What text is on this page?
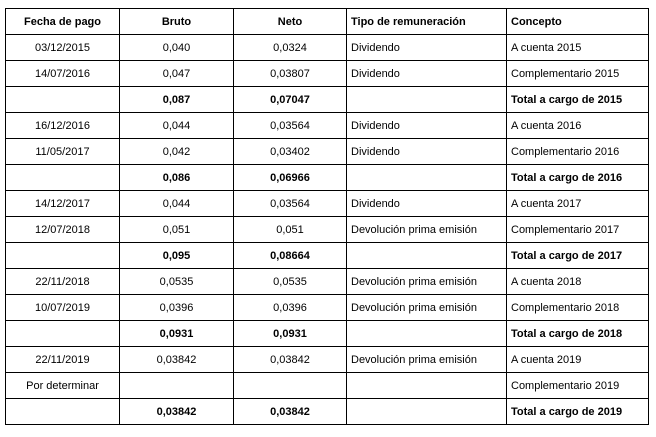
Fecha de pago	Bruto	Neto	Tipo de remuneración	Concepto
03/12/2015	0,040	0,0324	Dividendo	A cuenta 2015
14/07/2016	0,047	0,03807	Dividendo	Complementario 2015
	0,087	0,07047		Total a cargo de 2015
16/12/2016	0,044	0,03564	Dividendo	A cuenta 2016
11/05/2017	0,042	0,03402	Dividendo	Complementario 2016
	0,086	0,06966		Total a cargo de 2016
14/12/2017	0,044	0,03564	Dividendo	A cuenta 2017
12/07/2018	0,051	0,051	Devolución prima emisión	Complementario 2017
	0,095	0,08664		Total a cargo de 2017
22/11/2018	0,0535	0,0535	Devolución prima emisión	A cuenta 2018
10/07/2019	0,0396	0,0396	Devolución prima emisión	Complementario 2018
	0,0931	0,0931		Total a cargo de 2018
22/11/2019	0,03842	0,03842	Devolución prima emisión	A cuenta 2019
Por determinar				Complementario 2019
	0,03842	0,03842		Total a cargo de 2019
